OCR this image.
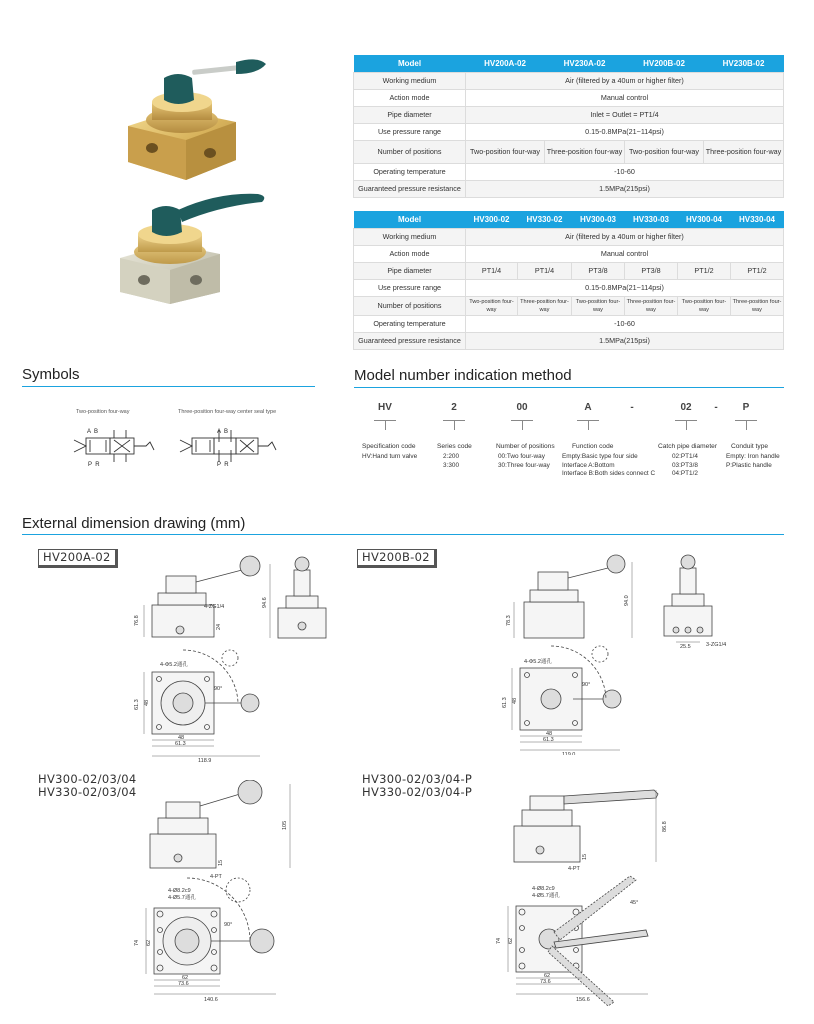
Model	HV200A-02	HV230A-02	HV200B-02	HV230B-02
Working medium	Air (filtered by a 40um or higher filter)			
Action mode	Manual control			
Pipe diameter	Inlet = Outlet = PT1/4			
Use pressure range	0.15-0.8MPa(21~114psi)			
Number of positions	Two-position four-way	Three-position four-way	Two-position four-way	Three-position four-way
Operating temperature	-10-60			
Guaranteed pressure resistance	1.5MPa(215psi)			
Model	HV300-02	HV330-02	HV300-03	HV330-03	HV300-04	HV330-04
Working medium	Air (filtered by a 40um or higher filter)					
Action mode	Manual control					
Pipe diameter	PT1/4	PT1/4	PT3/8	PT3/8	PT1/2	PT1/2
Use pressure range	0.15-0.8MPa(21~114psi)					
Number of positions	Two-position four-way	Three-position four-way	Two-position four-way	Three-position four-way	Two-position four-way	Three-position four-way
Operating temperature	-10-60					
Guaranteed pressure resistance	1.5MPa(215psi)					
Symbols
Two-position four-way	Three-position four-way center seal type
A  B
P  R
A  B
P  R
Model number indication method
HV	2	00	A	-	02	-	P
Specification code
HV:Hand turn valve
Series code
2:200
3:300
Number of positions
00:Two four-way
30:Three four-way
Function code
Empty:Basic type four side
Interface A:Bottom
Interface B:Both sides connect C
Catch pipe diameter
02:PT1/4
03:PT3/8
04:PT1/2
Conduit type
Empty: Iron handle
P:Plastic handle
External dimension drawing (mm)
HV200A-02	HV200B-02
HV300-02/03/04
HV330-02/03/04
HV300-02/03/04-P
HV330-02/03/04-P
76.8
94.6
4-ZG1/4
24
4-Φ5.2通孔
61.3 48
90°
48
61.3
118.9
78.3
94.0
25.5	3-ZG1/4
4-Φ5.2通孔
61.3 48
90°
48
61.3
119.0
105
4-PT
15
4-Ø8.2c9
4-Ø5.7通孔
74 62
90°
62
73.6
140.6
86.8
4-PT
15
4-Ø8.2c9
4-Ø5.7通孔
74 62
45°
62
73.6
156.6
